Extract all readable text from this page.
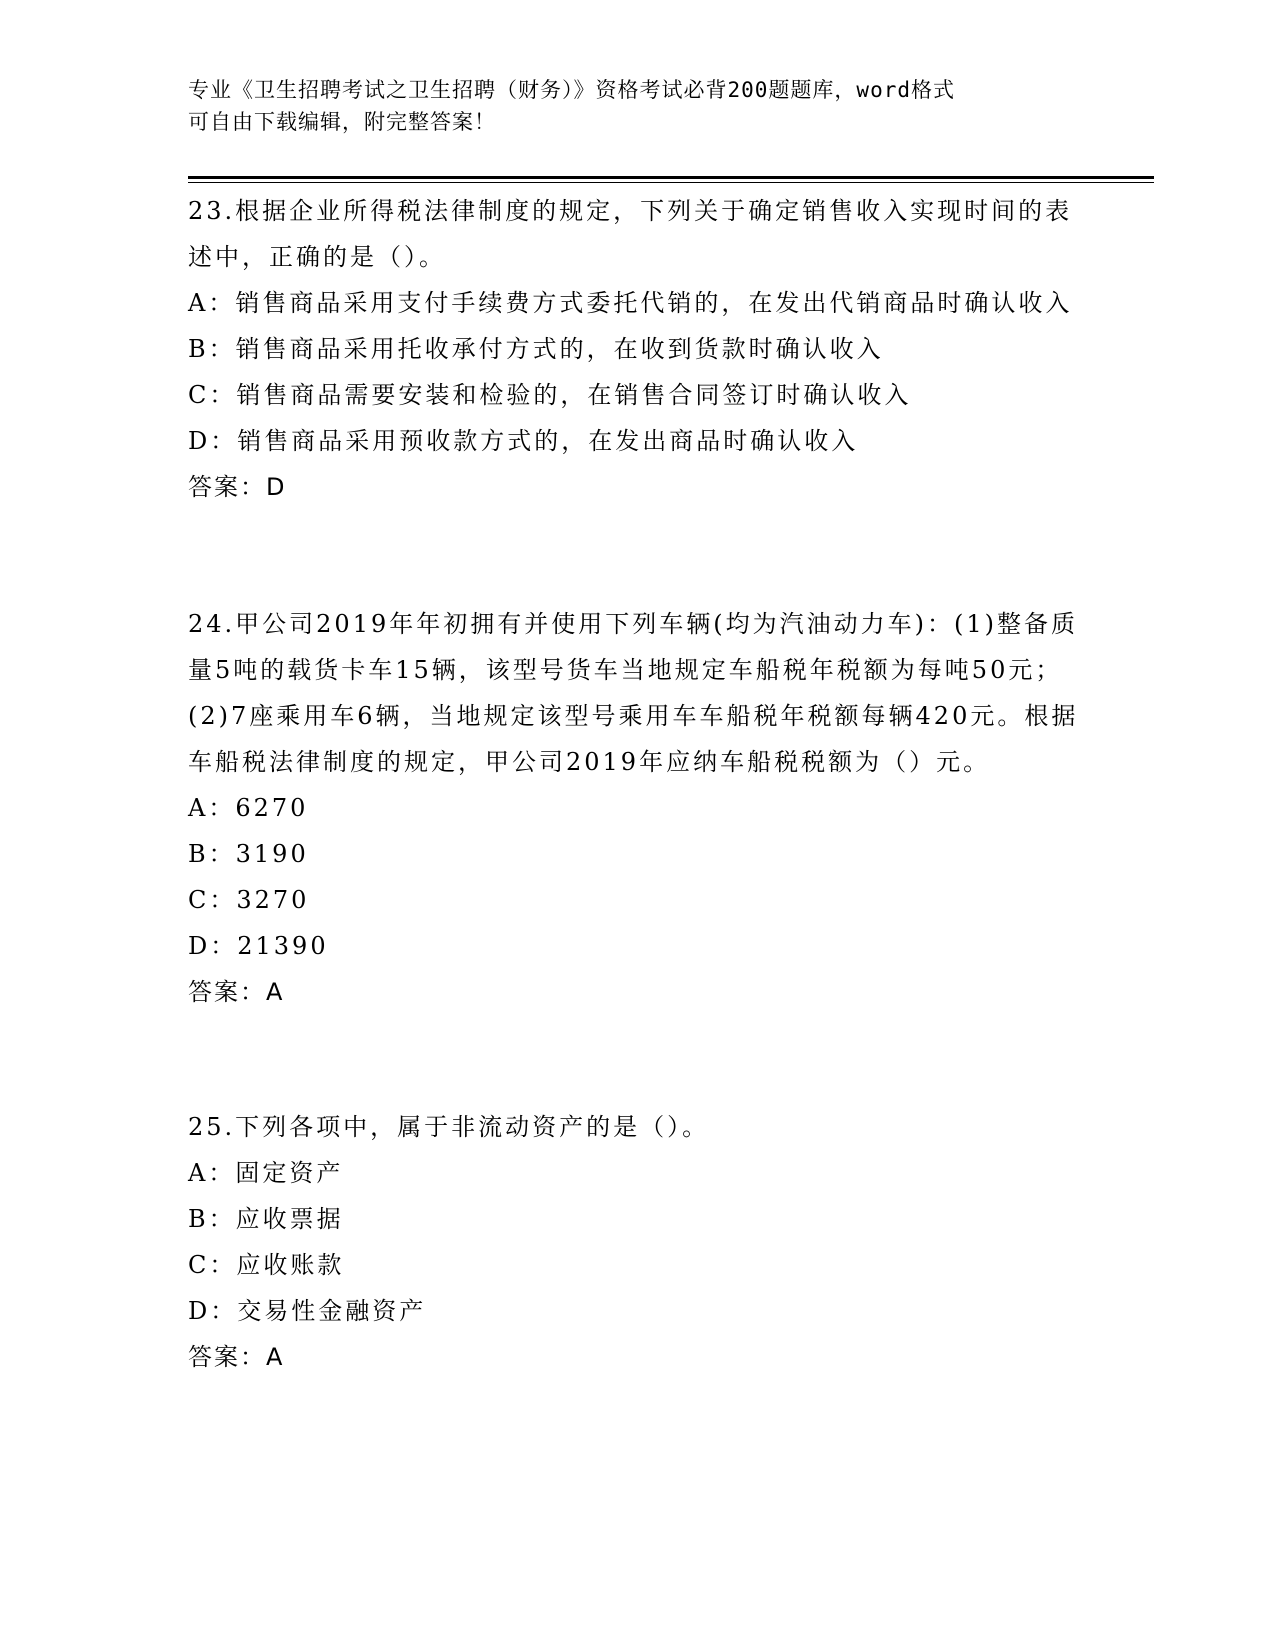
专业《卫生招聘考试之卫生招聘（财务）》资格考试必背200题题库，word格式
可自由下载编辑，附完整答案！

23.根据企业所得税法律制度的规定，下列关于确定销售收入实现时间的表述中，正确的是（）。

A：销售商品采用支付手续费方式委托代销的，在发出代销商品时确认收入

B：销售商品采用托收承付方式的，在收到货款时确认收入

C：销售商品需要安装和检验的，在销售合同签订时确认收入

D：销售商品采用预收款方式的，在发出商品时确认收入

答案：D

24.甲公司2019年年初拥有并使用下列车辆(均为汽油动力车)：(1)整备质量5吨的载货卡车15辆，该型号货车当地规定车船税年税额为每吨50元；(2)7座乘用车6辆，当地规定该型号乘用车车船税年税额每辆420元。根据车船税法律制度的规定，甲公司2019年应纳车船税税额为（）元。

A：6270

B：3190

C：3270

D：21390

答案：A

25.下列各项中，属于非流动资产的是（）。

A：固定资产

B：应收票据

C：应收账款

D：交易性金融资产

答案：A
